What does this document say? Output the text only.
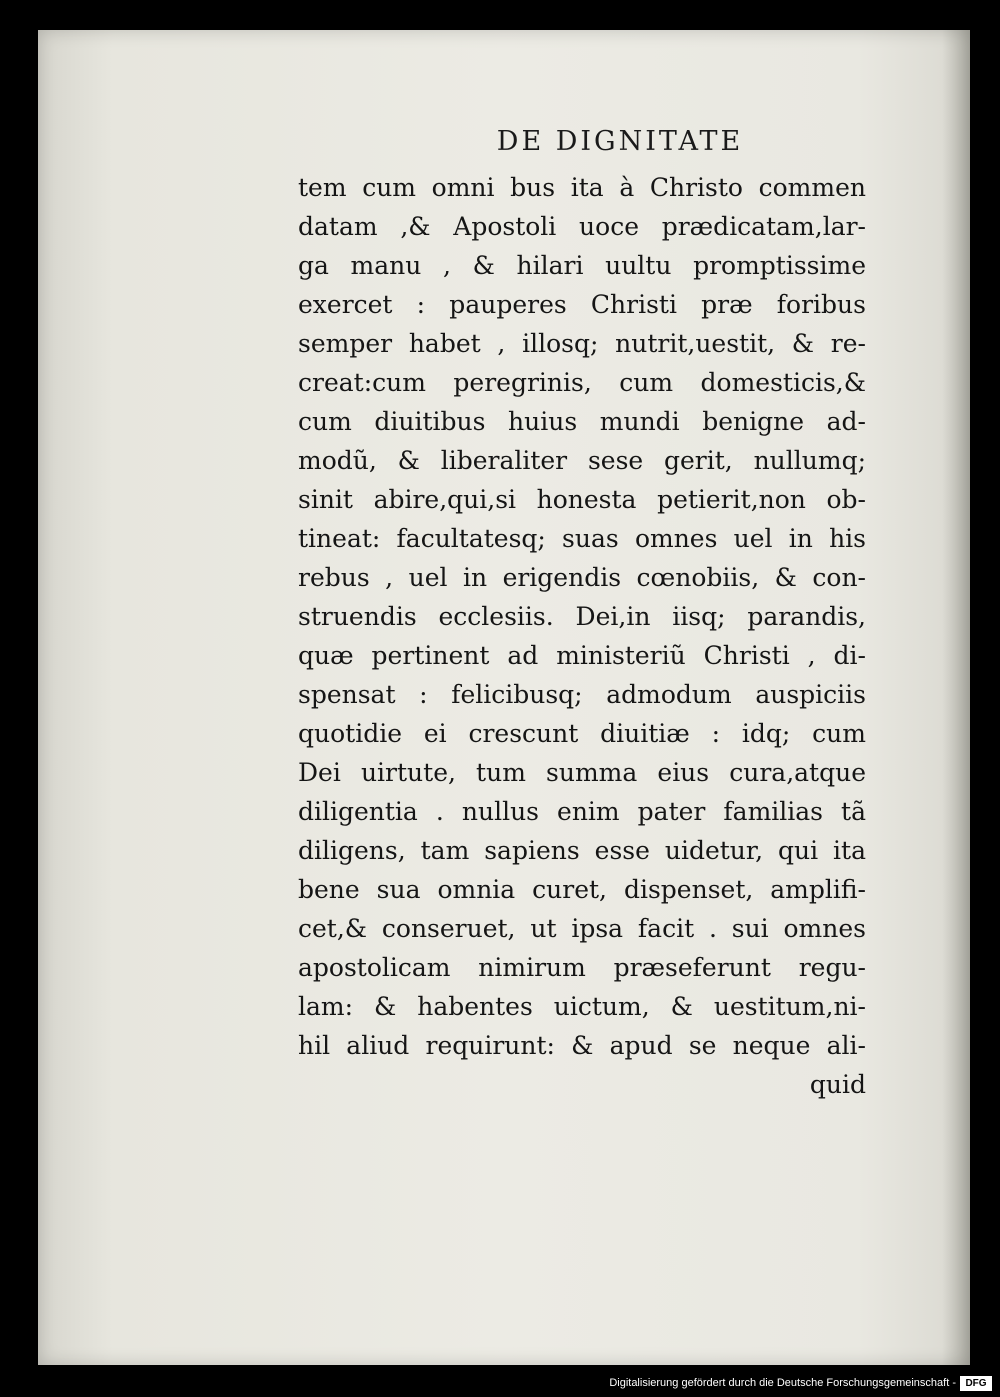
DE DIGNITATE
tem cum omni bus ita à Christo commen
datam ,& Apostoli uoce prædicatam,lar-
ga manu , & hilari uultu promptissime
exercet : pauperes Christi præ foribus
semper habet , illosq; nutrit,uestit, & re-
creat:cum peregrinis, cum domesticis,&
cum diuitibus huius mundi benigne ad-
modũ, & liberaliter sese gerit, nullumq;
sinit abire,qui,si honesta petierit,non ob-
tineat: facultatesq; suas omnes uel in his
rebus , uel in erigendis cœnobiis, & con-
struendis ecclesiis. Dei,in iisq; parandis,
quæ pertinent ad ministeriũ Christi , di-
spensat : felicibusq; admodum auspiciis
quotidie ei crescunt diuitiæ : idq; cum
Dei uirtute, tum summa eius cura,atque
diligentia . nullus enim pater familias tã
diligens, tam sapiens esse uidetur, qui ita
bene sua omnia curet, dispenset, amplifi-
cet,& conseruet, ut ipsa facit . sui omnes
apostolicam nimirum præseferunt regu-
lam: & habentes uictum, & uestitum,ni-
hil aliud requirunt: & apud se neque ali-
quid
Digitalisierung gefördert durch die Deutsche Forschungsgemeinschaft - DFG
